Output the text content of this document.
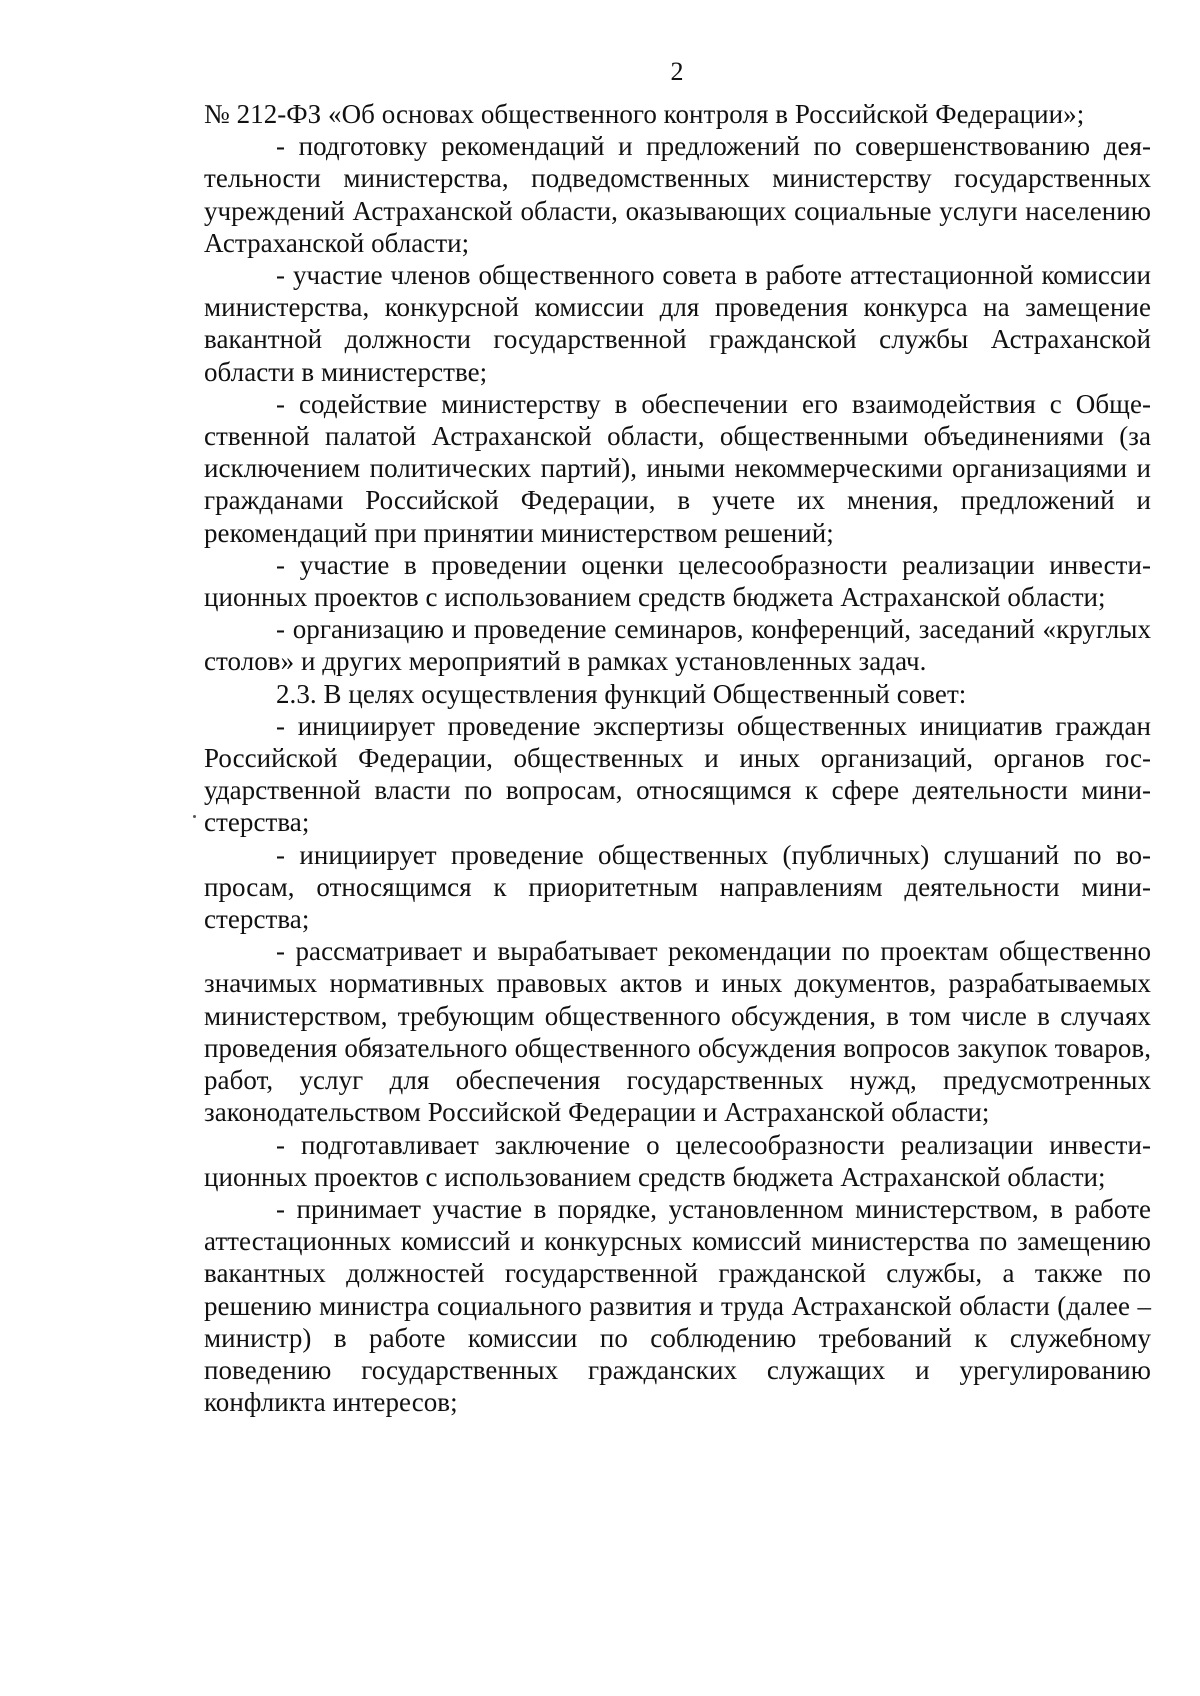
2

№ 212-ФЗ «Об основах общественного контроля в Российской Федерации»;

- подготовку рекомендаций и предложений по совершенствованию деятельности министерства, подведомственных министерству государственных учреждений Астраханской области, оказывающих социальные услуги населению Астраханской области;

- участие членов общественного совета в работе аттестационной комиссии министерства, конкурсной комиссии для проведения конкурса на замещение вакантной должности государственной гражданской службы Астраханской области в министерстве;

- содействие министерству в обеспечении его взаимодействия с Общественной палатой Астраханской области, общественными объединениями (за исключением политических партий), иными некоммерческими организациями и гражданами Российской Федерации, в учете их мнения, предложений и рекомендаций при принятии министерством решений;

- участие в проведении оценки целесообразности реализации инвестиционных проектов с использованием средств бюджета Астраханской области;

- организацию и проведение семинаров, конференций, заседаний «круглых столов» и других мероприятий в рамках установленных задач.

2.3. В целях осуществления функций Общественный совет:

- инициирует проведение экспертизы общественных инициатив граждан Российской Федерации, общественных и иных организаций, органов государственной власти по вопросам, относящимся к сфере деятельности министерства;

- инициирует проведение общественных (публичных) слушаний по вопросам, относящимся к приоритетным направлениям деятельности министерства;

- рассматривает и вырабатывает рекомендации по проектам общественно значимых нормативных правовых актов и иных документов, разрабатываемых министерством, требующим общественного обсуждения, в том числе в случаях проведения обязательного общественного обсуждения вопросов закупок товаров, работ, услуг для обеспечения государственных нужд, предусмотренных законодательством Российской Федерации и Астраханской области;

- подготавливает заключение о целесообразности реализации инвестиционных проектов с использованием средств бюджета Астраханской области;

- принимает участие в порядке, установленном министерством, в работе аттестационных комиссий и конкурсных комиссий министерства по замещению вакантных должностей государственной гражданской службы, а также по решению министра социального развития и труда Астраханской области (далее – министр) в работе комиссии по соблюдению требований к служебному поведению государственных гражданских служащих и урегулированию конфликта интересов;
